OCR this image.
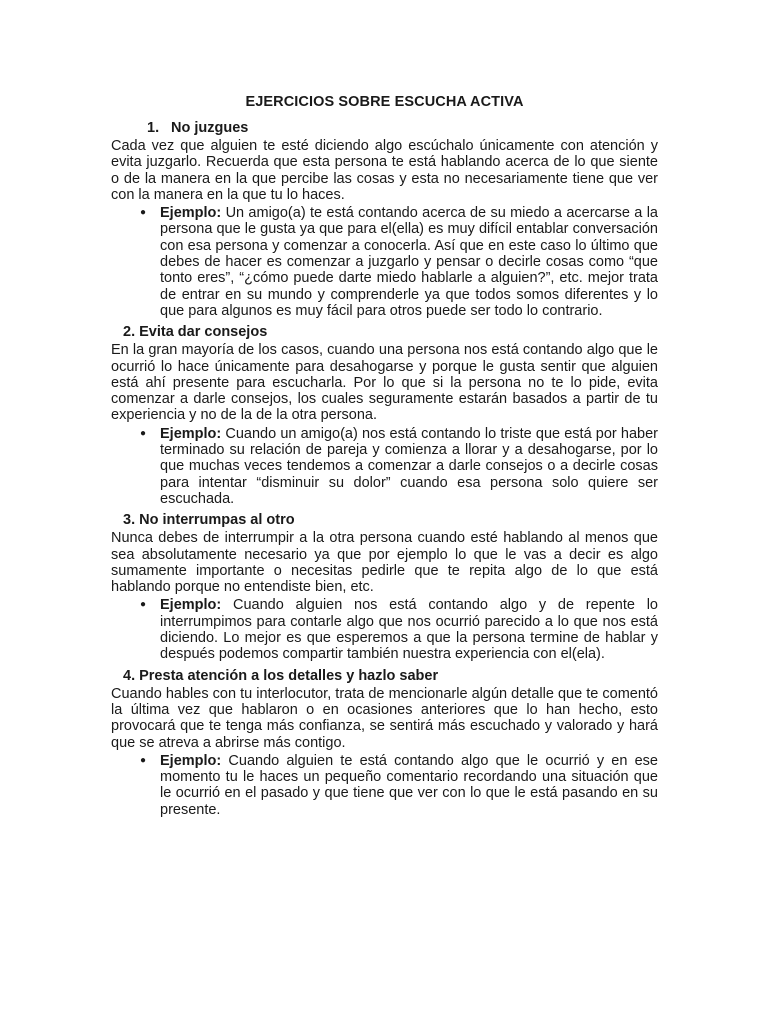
EJERCICIOS SOBRE ESCUCHA ACTIVA
1. No juzgues

Cada vez que alguien te esté diciendo algo escúchalo únicamente con atención y evita juzgarlo. Recuerda que esta persona te está hablando acerca de lo que siente o de la manera en la que percibe las cosas y esta no necesariamente tiene que ver con la manera en la que tu lo haces.

● Ejemplo: Un amigo(a) te está contando acerca de su miedo a acercarse a la persona que le gusta ya que para el(ella) es muy difícil entablar conversación con esa persona y comenzar a conocerla. Así que en este caso lo último que debes de hacer es comenzar a juzgarlo y pensar o decirle cosas como “que tonto eres”, “¿cómo puede darte miedo hablarle a alguien?”, etc. mejor trata de entrar en su mundo y comprenderle ya que todos somos diferentes y lo que para algunos es muy fácil para otros puede ser todo lo contrario.

2. Evita dar consejos

En la gran mayoría de los casos, cuando una persona nos está contando algo que le ocurrió lo hace únicamente para desahogarse y porque le gusta sentir que alguien está ahí presente para escucharla. Por lo que si la persona no te lo pide, evita comenzar a darle consejos, los cuales seguramente estarán basados a partir de tu experiencia y no de la de la otra persona.

● Ejemplo: Cuando un amigo(a) nos está contando lo triste que está por haber terminado su relación de pareja y comienza a llorar y a desahogarse, por lo que muchas veces tendemos a comenzar a darle consejos o a decirle cosas para intentar “disminuir su dolor” cuando esa persona solo quiere ser escuchada.

3. No interrumpas al otro

Nunca debes de interrumpir a la otra persona cuando esté hablando al menos que sea absolutamente necesario ya que por ejemplo lo que le vas a decir es algo sumamente importante o necesitas pedirle que te repita algo de lo que está hablando porque no entendiste bien, etc.

● Ejemplo: Cuando alguien nos está contando algo y de repente lo interrumpimos para contarle algo que nos ocurrió parecido a lo que nos está diciendo. Lo mejor es que esperemos a que la persona termine de hablar y después podemos compartir también nuestra experiencia con el(ela).

4. Presta atención a los detalles y hazlo saber

Cuando hables con tu interlocutor, trata de mencionarle algún detalle que te comentó la última vez que hablaron o en ocasiones anteriores que lo han hecho, esto provocará que te tenga más confianza, se sentirá más escuchado y valorado y hará que se atreva a abrirse más contigo.

● Ejemplo: Cuando alguien te está contando algo que le ocurrió y en ese momento tu le haces un pequeño comentario recordando una situación que le ocurrió en el pasado y que tiene que ver con lo que le está pasando en su presente.
